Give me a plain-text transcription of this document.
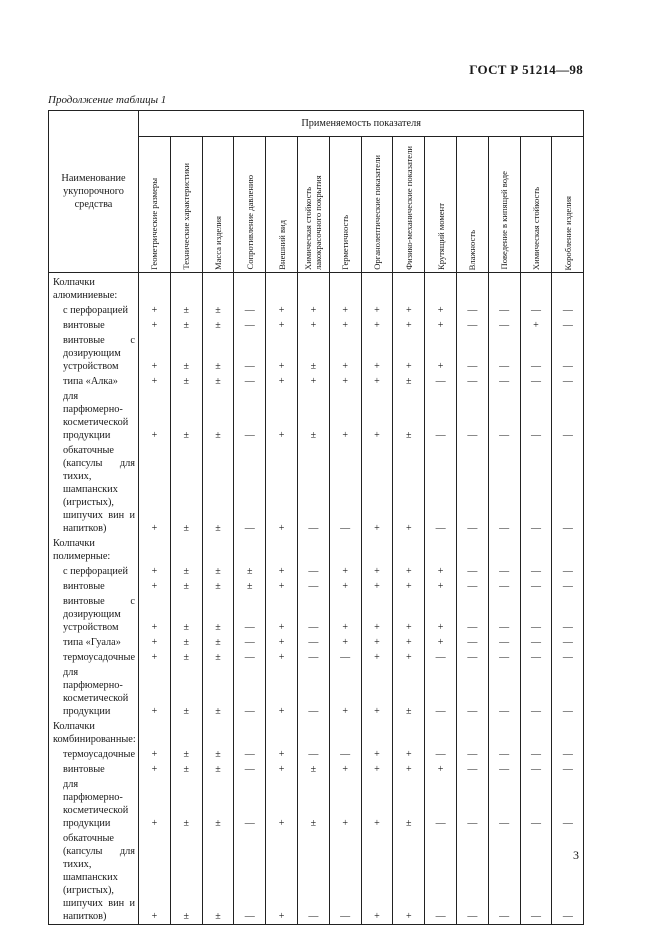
ГОСТ Р 51214—98
Продолжение таблицы 1
Наименование укупорочного средства	Применяемость показателя													

	Геометрические размеры	Технические характеристики	Масса изделия	Сопротивление давлению	Внешний вид	Химическая стойкость лакокрасочного покрытия	Герметичность	Органолептические показатели	Физико-механические показатели	Крутящий момент	Влажность	Поведение в кипящей воде	Химическая стойкость	Коробление изделия

Колпачки алюминиевые:														
с перфорацией	+	±	±	—	+	+	+	+	+	+	—	—	—	—
винтовые	+	±	±	—	+	+	+	+	+	+	—	—	+	—
винтовые с дозирующим устройством	+	±	±	—	+	±	+	+	+	+	—	—	—	—
типа «Алка»	+	±	±	—	+	+	+	+	±	—	—	—	—	—
для парфюмерно-косметической продукции	+	±	±	—	+	±	+	+	±	—	—	—	—	—
обкаточные (капсулы для тихих, шампанских (игристых), шипучих вин и напитков)	+	±	±	—	+	—	—	+	+	—	—	—	—	—
Колпачки полимерные:														
с перфорацией	+	±	±	±	+	—	+	+	+	+	—	—	—	—
винтовые	+	±	±	±	+	—	+	+	+	+	—	—	—	—
винтовые с дозирующим устройством	+	±	±	—	+	—	+	+	+	+	—	—	—	—
типа «Гуала»	+	±	±	—	+	—	+	+	+	+	—	—	—	—
термоусадочные	+	±	±	—	+	—	—	+	+	—	—	—	—	—
для парфюмерно-косметической продукции	+	±	±	—	+	—	+	+	±	—	—	—	—	—
Колпачки комбинированные:														
термоусадочные	+	±	±	—	+	—	—	+	+	—	—	—	—	—
винтовые	+	±	±	—	+	±	+	+	+	+	—	—	—	—
для парфюмерно-косметической продукции	+	±	±	—	+	±	+	+	±	—	—	—	—	—
обкаточные (капсулы для тихих, шампанских (игристых), шипучих вин и напитков)	+	±	±	—	+	—	—	+	+	—	—	—	—	—
3
